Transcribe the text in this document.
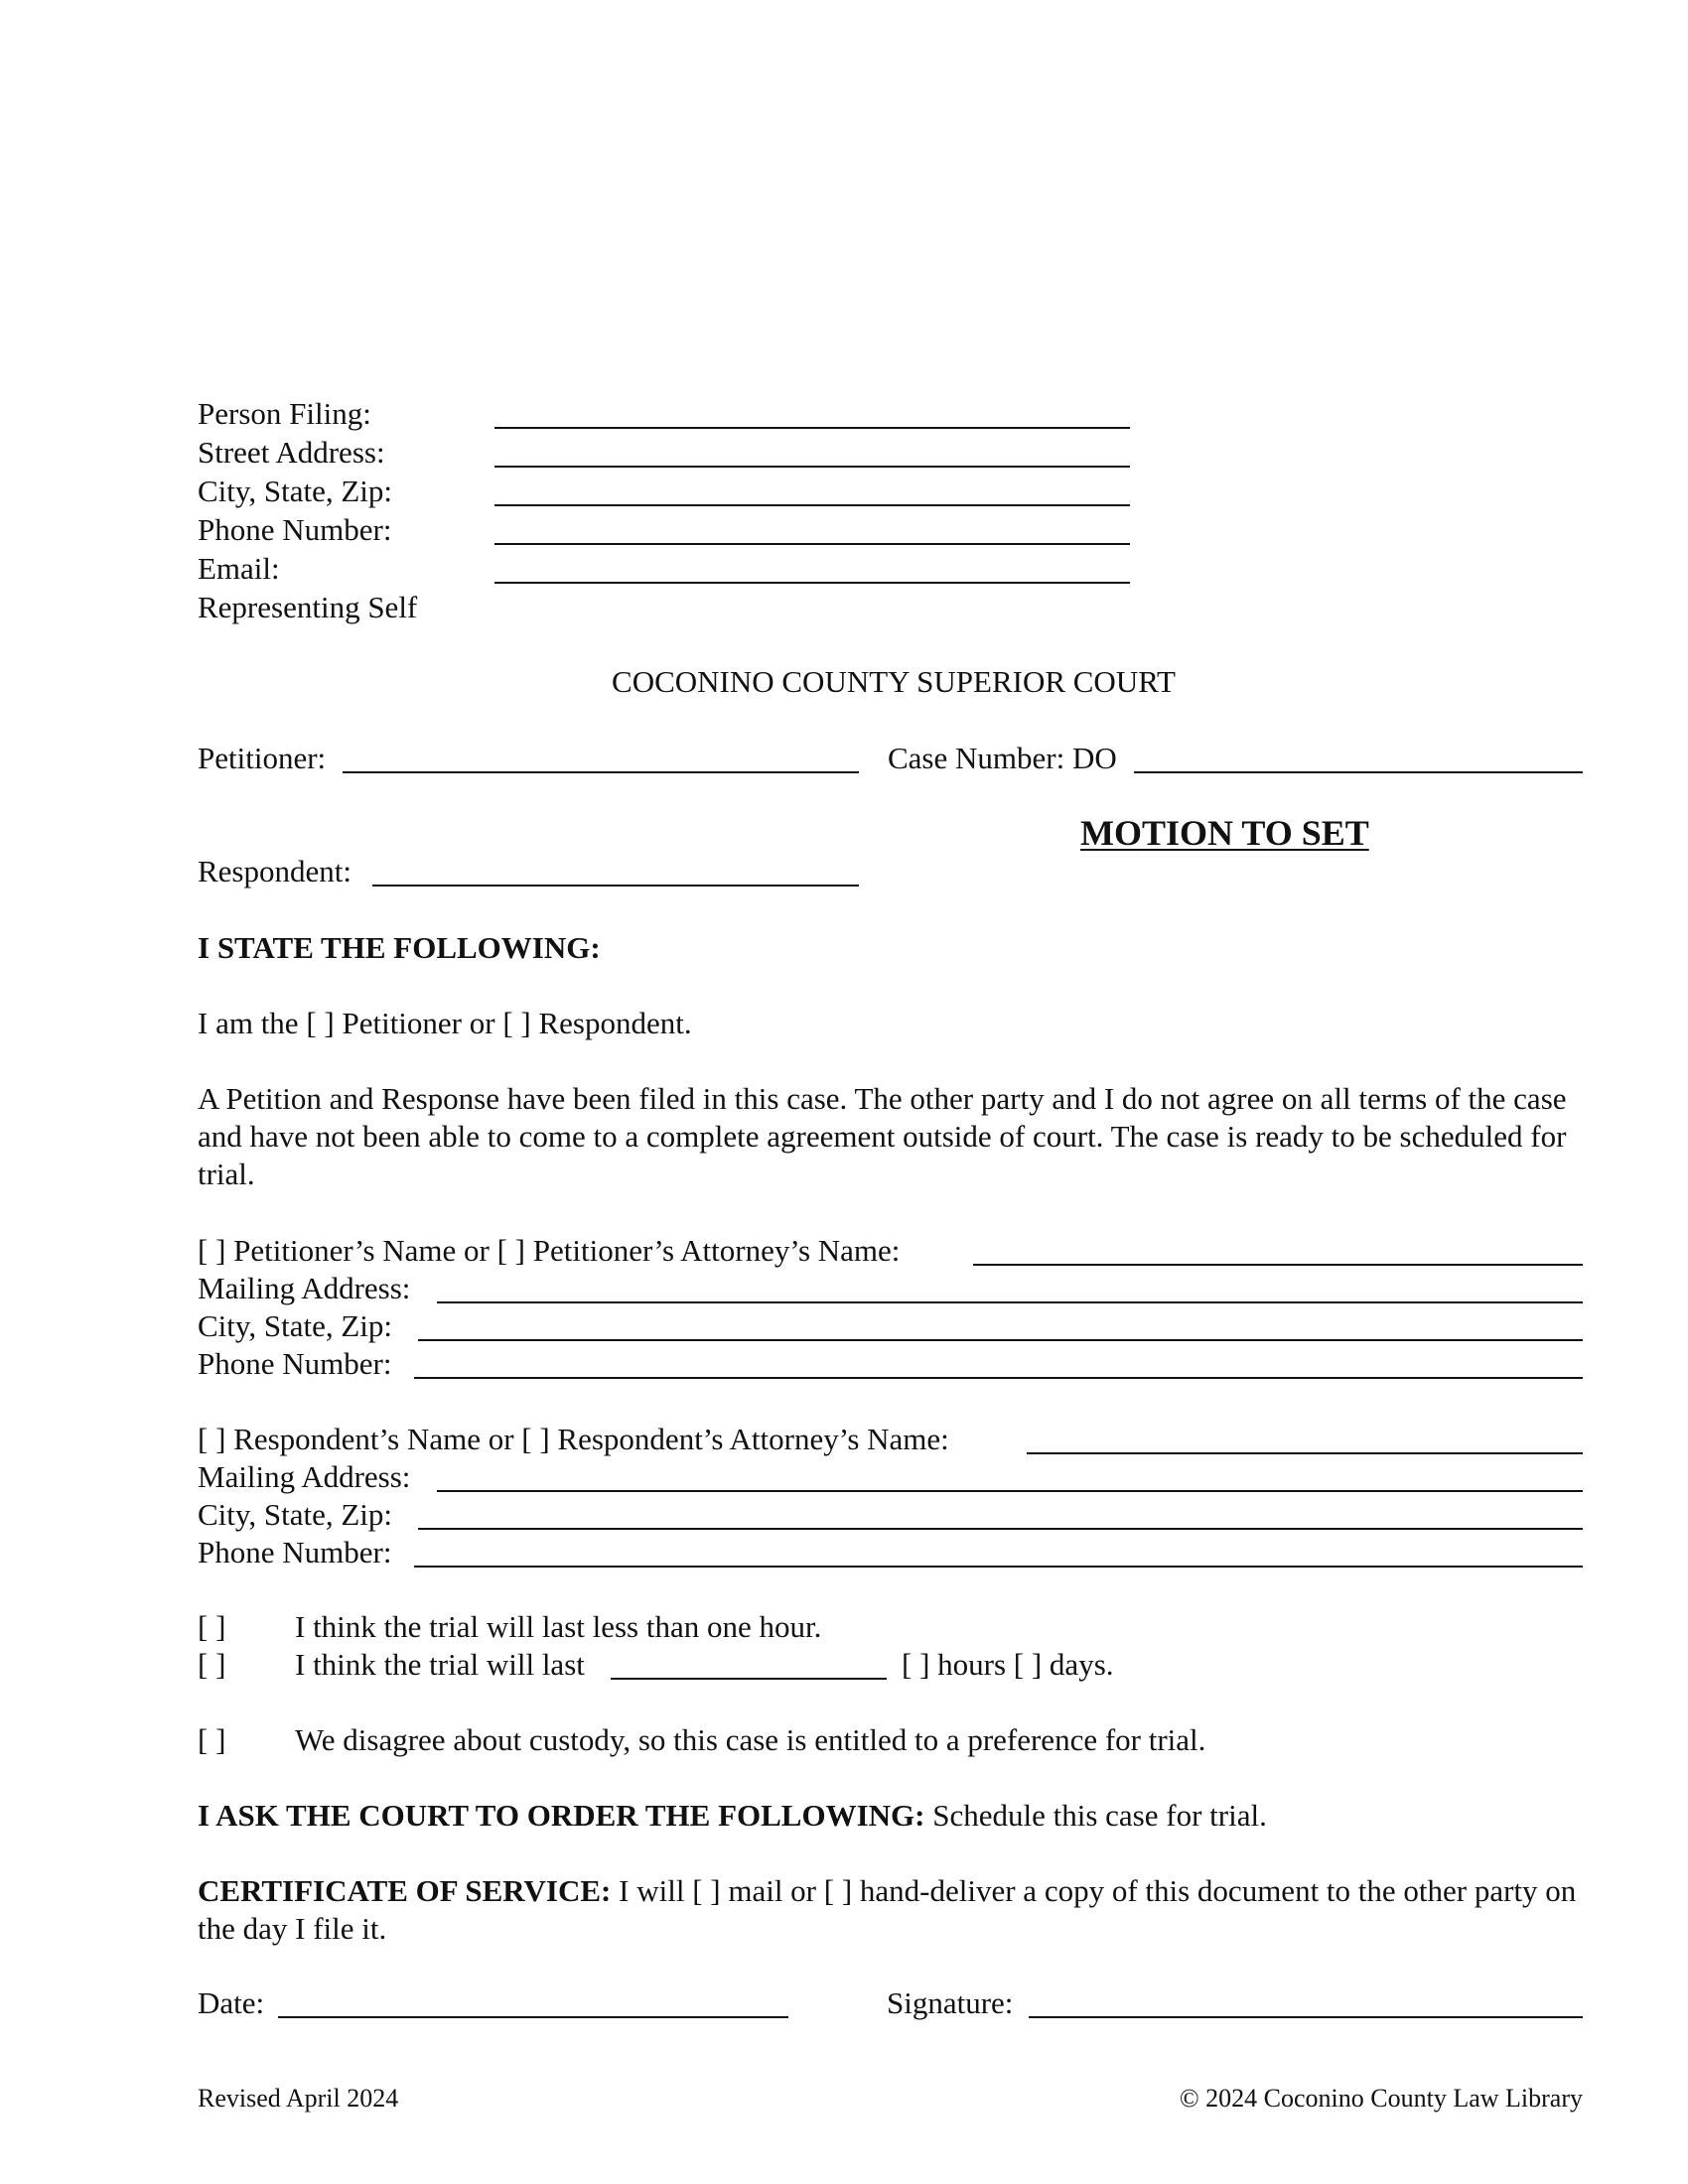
Person Filing:
Street Address:
City, State, Zip:
Phone Number:
Email:
Representing Self
COCONINO COUNTY SUPERIOR COURT
Petitioner:	Case Number: DO
MOTION TO SET
Respondent:
I STATE THE FOLLOWING:
I am the [ ] Petitioner or [ ] Respondent.
A Petition and Response have been filed in this case. The other party and I do not agree on all terms of the case and have not been able to come to a complete agreement outside of court. The case is ready to be scheduled for trial.
[ ] Petitioner’s Name or [ ] Petitioner’s Attorney’s Name:
Mailing Address:
City, State, Zip:
Phone Number:
[ ] Respondent’s Name or [ ] Respondent’s Attorney’s Name:
Mailing Address:
City, State, Zip:
Phone Number:
[ ] I think the trial will last less than one hour.
[ ] I think the trial will last	[ ] hours [ ] days.
[ ] We disagree about custody, so this case is entitled to a preference for trial.
I ASK THE COURT TO ORDER THE FOLLOWING: Schedule this case for trial.
CERTIFICATE OF SERVICE: I will [ ] mail or [ ] hand-deliver a copy of this document to the other party on the day I file it.
Date:	Signature:
Revised April 2024	© 2024 Coconino County Law Library
